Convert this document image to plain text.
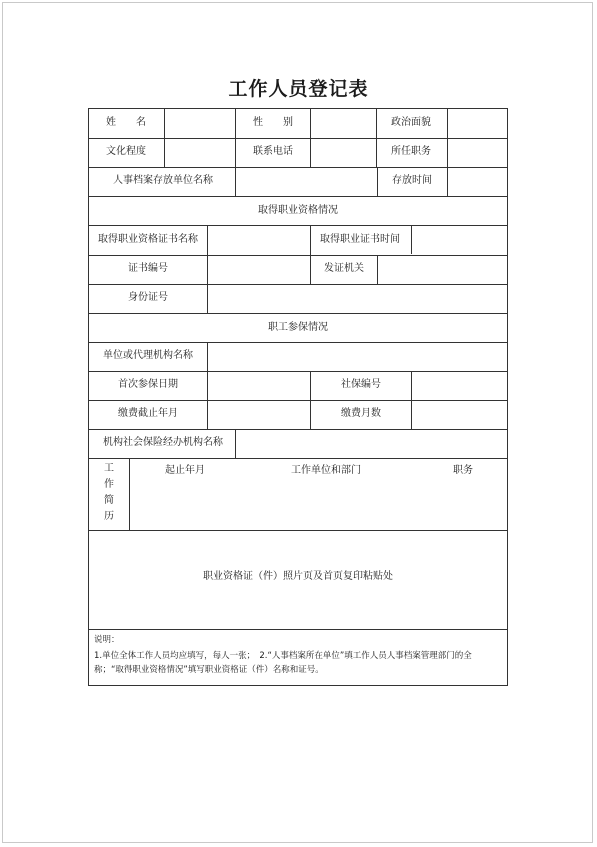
工作人员登记表
姓　　名	性　　别	政治面貌
文化程度	联系电话	所任职务
人事档案存放单位名称	存放时间
取得职业资格情况
取得职业资格证书名称	取得职业证书时间
证书编号	发证机关
身份证号
职工参保情况
单位或代理机构名称
首次参保日期	社保编号
缴费截止年月	缴费月数
机构社会保险经办机构名称
工
作
简
历
起止年月	工作单位和部门	职务
职业资格证（件）照片页及首页复印粘贴处
说明：
1.单位全体工作人员均应填写，每人一张；　2.“人事档案所在单位”填工作人员人事档案管理部门的全
称；“取得职业资格情况”填写职业资格证（件）名称和证号。
